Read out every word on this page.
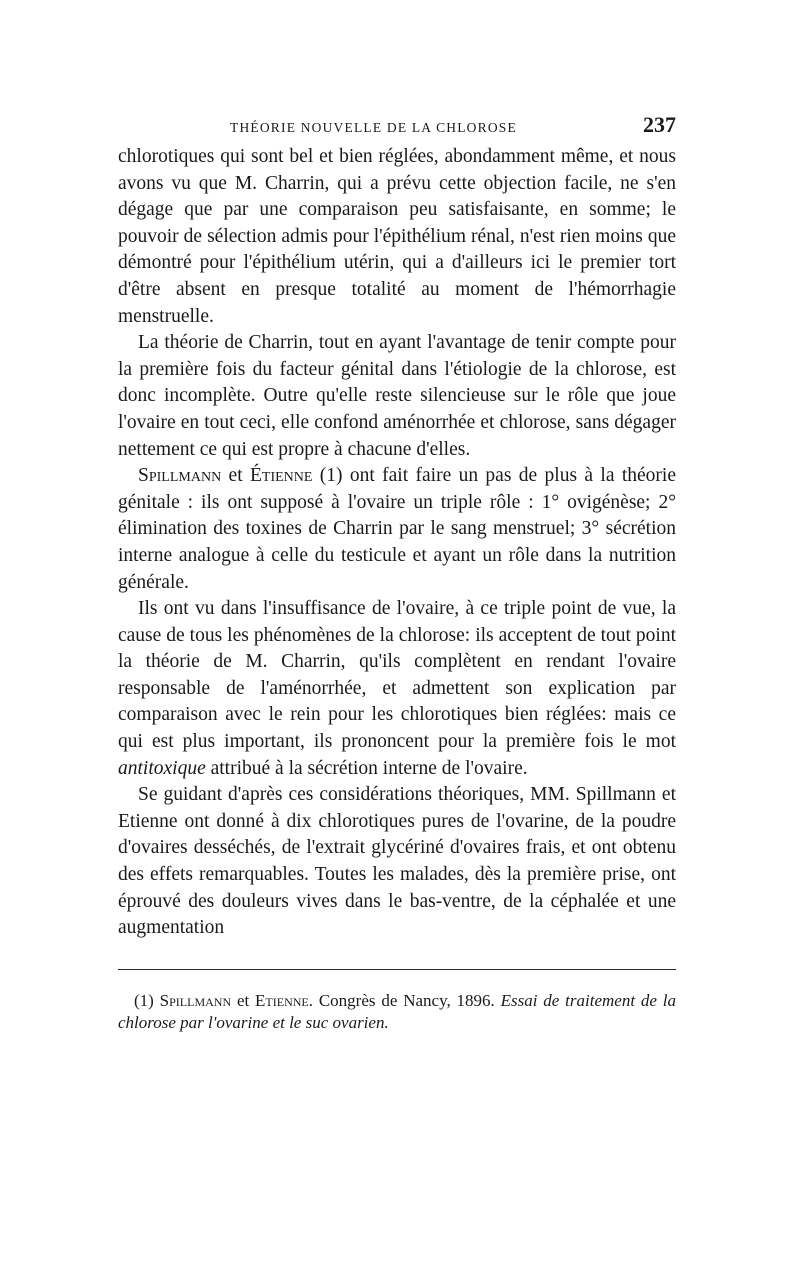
THÉORIE NOUVELLE DE LA CHLOROSE	237

chlorotiques qui sont bel et bien réglées, abondamment même, et nous avons vu que M. Charrin, qui a prévu cette objection facile, ne s'en dégage que par une comparaison peu satisfaisante, en somme; le pouvoir de sélection admis pour l'épithélium rénal, n'est rien moins que démontré pour l'épithélium utérin, qui a d'ailleurs ici le premier tort d'être absent en presque totalité au moment de l'hémorrhagie menstruelle.

La théorie de Charrin, tout en ayant l'avantage de tenir compte pour la première fois du facteur génital dans l'étiologie de la chlorose, est donc incomplète. Outre qu'elle reste silencieuse sur le rôle que joue l'ovaire en tout ceci, elle confond aménorrhée et chlorose, sans dégager nettement ce qui est propre à chacune d'elles.

Spillmann et Étienne (1) ont fait faire un pas de plus à la théorie génitale : ils ont supposé à l'ovaire un triple rôle : 1° ovigénèse; 2° élimination des toxines de Charrin par le sang menstruel; 3° sécrétion interne analogue à celle du testicule et ayant un rôle dans la nutrition générale.

Ils ont vu dans l'insuffisance de l'ovaire, à ce triple point de vue, la cause de tous les phénomènes de la chlorose: ils acceptent de tout point la théorie de M. Charrin, qu'ils complètent en rendant l'ovaire responsable de l'aménorrhée, et admettent son explication par comparaison avec le rein pour les chlorotiques bien réglées: mais ce qui est plus important, ils prononcent pour la première fois le mot antitoxique attribué à la sécrétion interne de l'ovaire.

Se guidant d'après ces considérations théoriques, MM. Spillmann et Etienne ont donné à dix chlorotiques pures de l'ovarine, de la poudre d'ovaires desséchés, de l'extrait glycériné d'ovaires frais, et ont obtenu des effets remarquables. Toutes les malades, dès la première prise, ont éprouvé des douleurs vives dans le bas-ventre, de la céphalée et une augmentation

(1) Spillmann et Etienne. Congrès de Nancy, 1896. Essai de traitement de la chlorose par l'ovarine et le suc ovarien.
